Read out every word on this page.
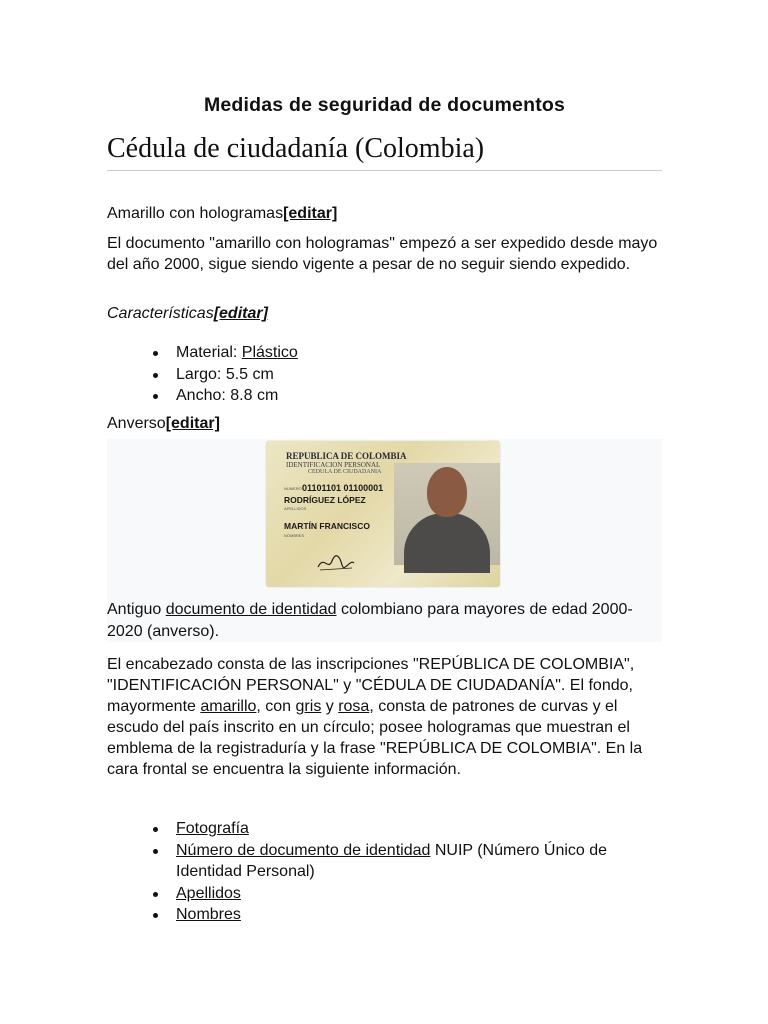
Medidas de seguridad de documentos
Cédula de ciudadanía (Colombia)
Amarillo con hologramas[editar]
El documento "amarillo con hologramas" empezó a ser expedido desde mayo del año 2000, sigue siendo vigente a pesar de no seguir siendo expedido.
Características[editar]
Material: Plástico
Largo: 5.5 cm
Ancho: 8.8 cm
Anverso[editar]
REPUBLICA DE COLOMBIA
IDENTIFICACION PERSONAL
CEDULA DE CIUDADANIA
NUMERO 01101101 01100001
RODRÍGUEZ LÓPEZ
APELLIDOS
MARTÍN FRANCISCO
NOMBRES
Antiguo documento de identidad colombiano para mayores de edad 2000-2020 (anverso).
El encabezado consta de las inscripciones "REPÚBLICA DE COLOMBIA", "IDENTIFICACIÓN PERSONAL" y "CÉDULA DE CIUDADANÍA". El fondo, mayormente amarillo, con gris y rosa, consta de patrones de curvas y el escudo del país inscrito en un círculo; posee hologramas que muestran el emblema de la registraduría y la frase "REPÚBLICA DE COLOMBIA". En la cara frontal se encuentra la siguiente información.
Fotografía
Número de documento de identidad NUIP (Número Único de Identidad Personal)
Apellidos
Nombres
